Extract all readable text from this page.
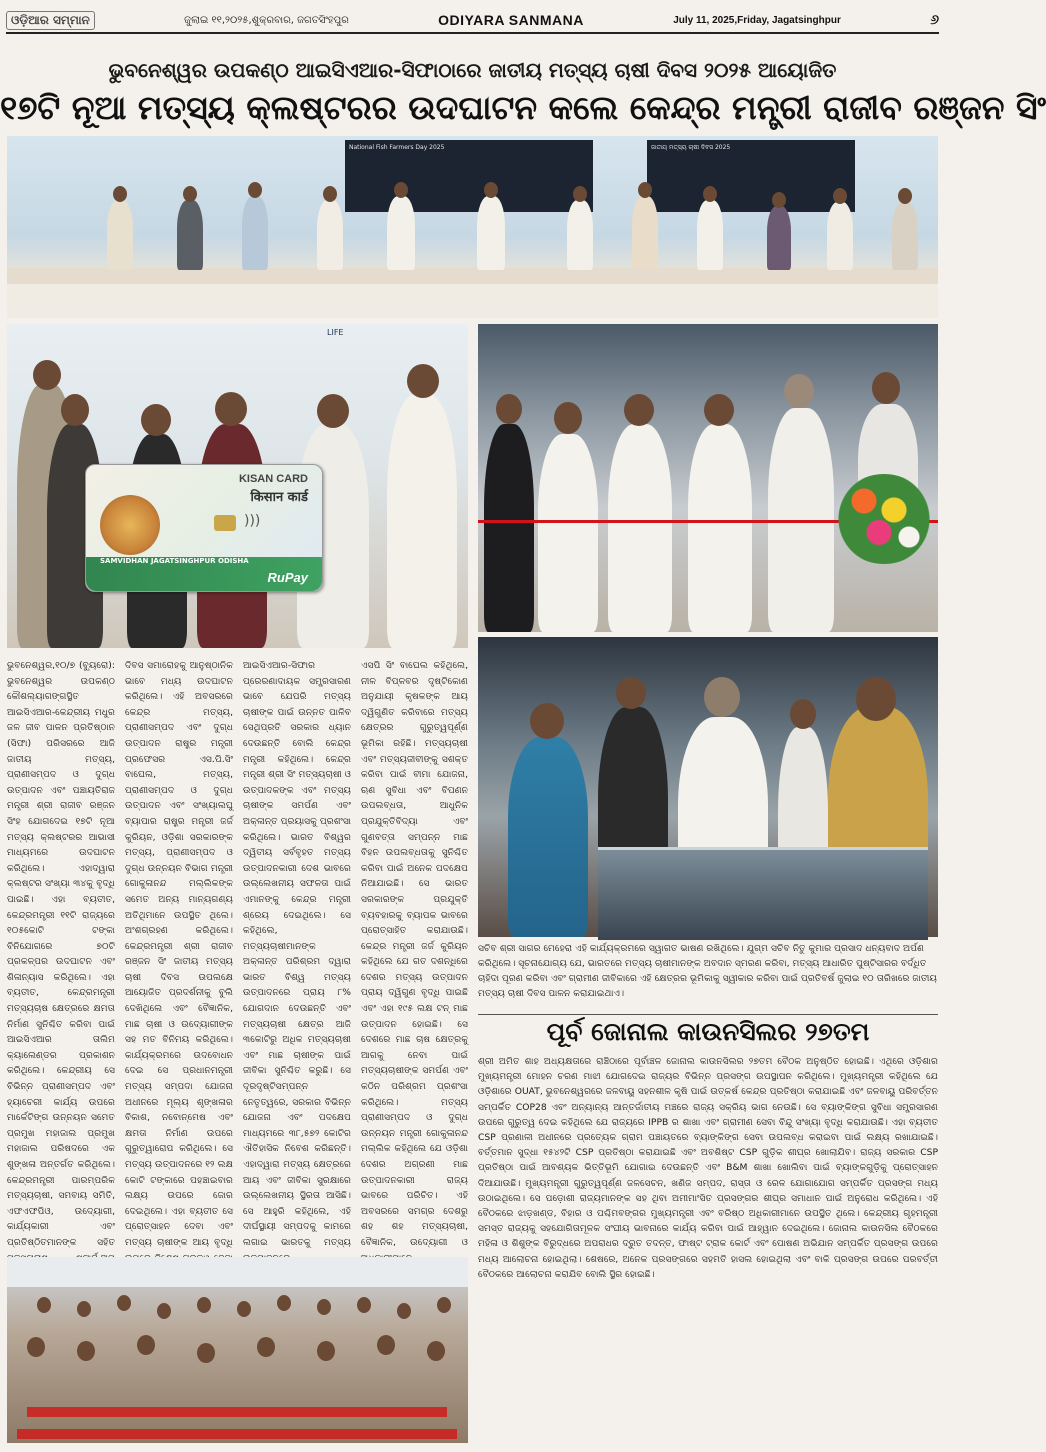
ଓଡ଼ିଆର ସମ୍ମାନ	ଜୁଲାଇ ୧୧,୨୦୨୫,ଶୁକ୍ରବାର, ଜଗତସିଂହପୁର	ODIYARA SANMANA	July 11, 2025,Friday, Jagatsinghpur	୬
ଭୁବନେଶ୍ୱର ଉପକଣ୍ଠ ଆଇସିଏଆର-ସିଫାଠାରେ ଜାତୀୟ ମତ୍ସ୍ୟ ଚାଷୀ ଦିବସ ୨୦୨୫ ଆୟୋଜିତ
୧୭ଟି ନୂଆ ମତ୍ସ୍ୟ କ୍ଲଷ୍ଟରର ଉଦଘାଟନ କଲେ କେନ୍ଦ୍ର ମନ୍ତ୍ରୀ ରାଜୀବ ରଞ୍ଜନ ସିଂ
National Fish Farmers Day 2025	ଜାତୀୟ ମତ୍ସ୍ୟ ଚାଷୀ ଦିବସ 2025
LIFE
)))
KISAN CARD
किसान कार्ड
SAMVIDHAN JAGATSINGHPUR ODISHA
RuPay
ଭୁବନେଶ୍ୱର,୧୦/୭ (ବ୍ୟୁରୋ): ଭୁବନେଶ୍ୱର ଉପକଣ୍ଠ କୌଶଲ୍ୟାଗଙ୍ଗସ୍ଥିତ ଆଇସିଏଆର-କେନ୍ଦ୍ରୀୟ ମଧୁର ଜଳ ଜୀବ ପାଳନ ପ୍ରତିଷ୍ଠାନ (ସିଫା) ପରିସରରେ ଆଜି ଜାତୀୟ ମତ୍ସ୍ୟ, ପ୍ରାଣୀସମ୍ପଦ ଓ ଦୁଗ୍ଧ ଉତ୍ପାଦନ ଏବଂ ପଞ୍ଚାୟତିରାଜ ମନ୍ତ୍ରୀ ଶ୍ରୀ ରାଜୀବ ରଞ୍ଜନ ସିଂହ ଯୋଗଦେଇ ୧୭ଟି ନୂଆ ମତ୍ସ୍ୟ କ୍ଲଷ୍ଟରର ଆଭାସୀ ମାଧ୍ୟମରେ ଉଦଘାଟନ କରିଥିଲେ। ଏହାଦ୍ୱାରା କ୍ଲଷ୍ଟର ସଂଖ୍ୟା ୩୪କୁ ବୃଦ୍ଧି ପାଇଛି। ଏହା ବ୍ୟତୀତ, କେନ୍ଦ୍ରମନ୍ତ୍ରୀ ୧୧ଟି ରାଜ୍ୟରେ ୧୦୫କୋଟି ଟଙ୍କା ବିନିଯୋଗରେ ୭୦ଟି ପ୍ରକଳ୍ପର ଉଦଘାଟନ ଏବଂ ଶିଳାନ୍ୟାସ କରିଥିଲେ। ଏହା ବ୍ୟତୀତ, କେନ୍ଦ୍ରମନ୍ତ୍ରୀ ମତ୍ସ୍ୟଚାଷ କ୍ଷେତ୍ରରେ କ୍ଷମତା ନିର୍ମାଣ ସୁନିଶ୍ଚିତ କରିବା ପାଇଁ ଆଇସିଏଆର ତାଲିମ କ୍ୟାଲେଣ୍ଡର ପ୍ରକାଶନ କରିଥିଲେ। କେନ୍ଦ୍ରୀୟ ସେ ବିଭିନ୍ନ ପ୍ରାଣୀସମ୍ପଦ ଏବଂ ହ୍ୟାଚେରୀ କାର୍ଯ୍ୟ ଉପରେ ମାର୍କେଟିଙ୍ଗ ଉନ୍ନୟନ ସମେତ ପ୍ରମୁଖ ମହାଜାଲ ପ୍ରମୁଖ ମହାଜାଲ ପରିଷଦରେ ଏକ ଶୁଙ୍ଖଳା ଅନ୍ତର୍ଗତ କରିଥିଲେ। କେନ୍ଦ୍ରମନ୍ତ୍ରୀ ପାରମ୍ପରିକ ମତ୍ସ୍ୟଚାଷୀ, ସମବାୟ ସମିତି, ଏଫଏଫପିଓ, ଉଦ୍ୟୋଗୀ, କାର୍ଯ୍ୟକାରୀ ଏବଂ ପ୍ରତିଷ୍ଠିତମାନଙ୍କ ସହିତ
ଦିବସ ସମାରୋହକୁ ଆନୁଷ୍ଠାନିକ ଭାବେ ମଧ୍ୟ ଉଦଘାଟନ କରିଥିଲେ। ଏହି ଅବସରରେ କେନ୍ଦ୍ର ମତ୍ସ୍ୟ, ପ୍ରାଣୀସମ୍ପଦ ଏବଂ ଦୁଗ୍ଧ ଉତ୍ପାଦନ ରାଷ୍ଟ୍ର ମନ୍ତ୍ରୀ ପ୍ରଫେସର ଏସ.ପି.ସିଂ ବାଘେଲ, ମତ୍ସ୍ୟ, ପ୍ରାଣୀସମ୍ପଦ ଓ ଦୁଗ୍ଧ ଉତ୍ପାଦନ ଏବଂ ସଂଖ୍ୟାଲଘୁ ବ୍ୟାପାର ରାଷ୍ଟ୍ର ମନ୍ତ୍ରୀ ଜର୍ଜ କୁରିୟନ, ଓଡ଼ିଶା ସରକାରଙ୍କ ମତ୍ସ୍ୟ, ପ୍ରାଣୀସମ୍ପଦ ଓ ଦୁଗ୍ଧ ଉନ୍ନୟନ ବିଭାଗ ମନ୍ତ୍ରୀ ଗୋକୁଳାନନ୍ଦ ମଲ୍ଲିକଙ୍କ ସମେତ ଅନ୍ୟ ମାନ୍ୟଗଣ୍ୟ ଅତିଥିମାନେ ଉପସ୍ଥିତ ଥିଲେ। ଅଂଶଗ୍ରହଣ କରିଥିଲେ। କେନ୍ଦ୍ରମନ୍ତ୍ରୀ ଶ୍ରୀ ରାଜୀବ ରଞ୍ଜନ ସିଂ ଜାତୀୟ ମତ୍ସ୍ୟ ଚାଷୀ ଦିବସ ଉପଲକ୍ଷେ ଆୟୋଜିତ ପ୍ରଦର୍ଶନୀକୁ ବୁଲି ଦେଖିଥିଲେ ଏବଂ ବୈଜ୍ଞାନିକ, ମାଛ ଚାଷୀ ଓ ଉଦ୍ୟୋଗୀଙ୍କ ସହ ମତ ବିନିମୟ କରିଥିଲେ। କାର୍ଯ୍ୟକ୍ରମରେ ଉଦବୋଧନ ଦେଇ ସେ ପ୍ରଧାନମନ୍ତ୍ରୀ ମତ୍ସ୍ୟ ସମ୍ପଦା ଯୋଜନା ଅଧୀନରେ ମୂଲ୍ୟ ଶୃଙ୍ଖଳାର ବିକାଶ, ନବୋନ୍ମେଷ ଏବଂ କ୍ଷମତା ନିର୍ମାଣ ଉପରେ ଗୁରୁତ୍ୱାରୋପ କରିଥିଲେ। ସେ ମତ୍ସ୍ୟ ଉତ୍ପାଦନରେ ୧୨ ଲକ୍ଷ କୋଟି ଟଙ୍କାରେ ପହଞ୍ଚାଇବାର ଲକ୍ଷ୍ୟ ଉପରେ ଜୋର ଦେଇଥିଲେ। ଏହା ବ୍ୟତୀତ ସେ ପ୍ରୋତ୍ସାହନ ଦେବା ଏବଂ ମତ୍ସ୍ୟ ଚାଷୀଙ୍କ ଆୟ ବୃଦ୍ଧି
ଆଇସିଏଆର-ସିଫାର ପ୍ରେରଣାଦାୟକ ସମ୍ପ୍ରସାରଣ ଭାବେ ଯେପରି ମତ୍ସ୍ୟ ଚାଷୀଙ୍କ ପାଇଁ ଉନ୍ନତ ପାଳିବ ସେଥିପ୍ରତି ସରକାର ଧ୍ୟାନ ଦେଉଛନ୍ତି ବୋଲି କେନ୍ଦ୍ର ମନ୍ତ୍ରୀ କହିଥିଲେ। କେନ୍ଦ୍ର ମନ୍ତ୍ରୀ ଶ୍ରୀ ସିଂ ମତ୍ସ୍ୟଚାଷୀ ଓ ଉତ୍ପାଦକଙ୍କ ଏବଂ ମତ୍ସ୍ୟ ଚାଷୀଙ୍କ ସମର୍ପଣ ଏବଂ ଅକ୍ଳାନ୍ତ ପ୍ରୟାସକୁ ପ୍ରଶଂସା କରିଥିଲେ। ଭାରତ ବିଶ୍ୱର ଦ୍ୱିତୀୟ ସର୍ବବୃହତ ମତ୍ସ୍ୟ ଉତ୍ପାଦନକାରୀ ଦେଶ ଭାବରେ ଉଲ୍ଲେଖନୀୟ ସଫଳତା ପାଇଁ ଏମାନଙ୍କୁ କେନ୍ଦ୍ର ମନ୍ତ୍ରୀ ଶ୍ରେୟ ଦେଇଥିଲେ। ସେ କହିଥିଲେ, ମତ୍ସ୍ୟଚାଷୀମାନଙ୍କ ଅକ୍ଳାନ୍ତ ପରିଶ୍ରମ ଦ୍ୱାରା ଭାରତ ବିଶ୍ୱ ମତ୍ସ୍ୟ ଉତ୍ପାଦନରେ ପ୍ରାୟ ୮% ଯୋଗଦାନ ଦେଉଛନ୍ତି ଏବଂ ମତ୍ସ୍ୟଚାଷୀ କ୍ଷେତ୍ର ଆଜି ୩କୋଟିରୁ ଅଧିକ ମତ୍ସ୍ୟଚାଷୀ ଏବଂ ମାଛ ଚାଷୀଙ୍କ ପାଇଁ ଜୀବିକା ସୁନିଶ୍ଚିତ କରୁଛି। ସେ ଦୂରଦୃଷ୍ଟିସମ୍ପନ୍ନ ନେତୃତ୍ୱରେ, ସରକାର ବିଭିନ୍ନ ଯୋଜନା ଏବଂ ପଦକ୍ଷେପ ମାଧ୍ୟମରେ ୩୮,୫୭୨ କୋଟିର ଐତିହାସିକ ନିବେଶ କରିଛନ୍ତି। ଏହାଦ୍ୱାରା ମତ୍ସ୍ୟ କ୍ଷେତ୍ରରେ ଆୟ ଏବଂ ଜୀବିକା ସୁରକ୍ଷାରେ ଉଲ୍ଲେଖନୀୟ ସ୍ଥିରତା ଆସିଛି। ସେ ଆହୁରି କହିଥିଲେ, ଏହି ଦୀର୍ଘସ୍ଥାୟୀ ସମ୍ପଦକୁ କାମରେ ଲଗାଇ ଭାରତକୁ ମତ୍ସ୍ୟ
ଏସପି ସିଂ ବାଘେଲ କହିଥିଲେ, ନୀଳ ବିପ୍ଳବର ଦୃଷ୍ଟିକୋଣ ଅନୁଯାୟୀ କୃଷକଙ୍କ ଆୟ ଦ୍ୱିଗୁଣିତ କରିବାରେ ମତ୍ସ୍ୟ କ୍ଷେତ୍ରର ଗୁରୁତ୍ୱପୂର୍ଣ୍ଣ ଭୂମିକା ରହିଛି। ମତ୍ସ୍ୟଚାଷୀ ଏବଂ ମତ୍ସ୍ୟଜୀବୀଙ୍କୁ ସଶକ୍ତ କରିବା ପାଇଁ ବୀମା ଯୋଜନା, ଋଣ ସୁବିଧା ଏବଂ ବିପଣନ ଉପଲବ୍ଧତା, ଆଧୁନିକ ପ୍ରଯୁକ୍ତିବିଦ୍ୟା ଏବଂ ଗୁଣବତ୍ତା ସମ୍ପନ୍ନ ମାଛ ବିହନ ଉପଲବ୍ଧତାକୁ ସୁନିଶ୍ଚିତ କରିବା ପାଇଁ ଅନେକ ପଦକ୍ଷେପ ନିଆଯାଇଛି। ସେ ଭାରତ ସରକାରଙ୍କ ପ୍ରଯୁକ୍ତି ବ୍ୟବହାରକୁ ବ୍ୟାପକ ଭାବରେ ପ୍ରୋତ୍ସାହିତ କରାଯାଉଛି। କେନ୍ଦ୍ର ମନ୍ତ୍ରୀ ଜର୍ଜ କୁରିୟନ କହିଥିଲେ ଯେ ଗତ ଦଶନ୍ଧିରେ ଦେଶର ମତ୍ସ୍ୟ ଉତ୍ପାଦନ ପ୍ରାୟ ଦ୍ୱିଗୁଣ ବୃଦ୍ଧି ପାଇଛି ଏବଂ ଏହା ୧୯୫ ଲକ୍ଷ ଟନ୍ ମାଛ ଉତ୍ପାଦନ ହୋଇଛି। ସେ ଦେଶରେ ମାଛ ଚାଷ କ୍ଷେତ୍ରକୁ ଆଗକୁ ନେବା ପାଇଁ ମତ୍ସ୍ୟଚାଷୀଙ୍କ ସମର୍ପଣ ଏବଂ କଠିନ ପରିଶ୍ରମ ପ୍ରଶଂସା କରିଥିଲେ। ମତ୍ସ୍ୟ ପ୍ରାଣୀସମ୍ପଦ ଓ ଦୁଗ୍ଧ ଉନ୍ନୟନ ମନ୍ତ୍ରୀ ଗୋକୁଳାନନ୍ଦ ମଲ୍ଲିକ କହିଥିଲେ ଯେ ଓଡ଼ିଶା ଦେଶର ଅଗ୍ରଣୀ ମାଛ ଉତ୍ପାଦନକାରୀ ରାଜ୍ୟ ଭାବରେ ପରିଚିତ। ଏହି ଅବସରରେ ସମଗ୍ର ଦେଶରୁ ଶହ ଶହ ମତ୍ସ୍ୟଚାଷୀ, ବୈଜ୍ଞାନିକ, ଉଦ୍ୟୋଗୀ ଓ
ସଚିବ ଶ୍ରୀ ସାଗର ମେହେରା ଏହି କାର୍ଯ୍ୟକ୍ରମରେ ସ୍ୱାଗତ ଭାଷଣ ରଖିଥିଲେ। ଯୁଗ୍ମ ସଚିବ ନିତୁ କୁମାର ପ୍ରସାଦ ଧନ୍ୟବାଦ ଅର୍ପଣ କରିଥିଲେ। ସୂଚନାଯୋଗ୍ୟ ଯେ, ଭାରତରେ ମତ୍ସ୍ୟ ଚାଷୀମାନଙ୍କ ଅବଦାନ ସ୍ମରଣ କରିବା, ମତ୍ସ୍ୟ ଆଧାରିତ ପୁଷ୍ଟିସାରର ବର୍ଦ୍ଧିତ ଚାହିଦା ପୂରଣ କରିବା ଏବଂ ଗ୍ରାମୀଣ ଜୀବିକାରେ ଏହି କ୍ଷେତ୍ରର ଭୂମିକାକୁ ସ୍ୱୀକାର କରିବା ପାଇଁ ପ୍ରତିବର୍ଷ ଜୁଲାଇ ୧୦ ତାରିଖରେ ଜାତୀୟ ମତ୍ସ୍ୟ ଚାଷୀ ଦିବସ ପାଳନ କରାଯାଇଥାଏ।
ପୂର୍ବ ଜୋନାଲ କାଉନସିଲର ୨୭ତମ
ଶ୍ରୀ ଅମିତ ଶାହ ଅଧ୍ୟକ୍ଷତାରେ ରାଞ୍ଚିଠାରେ ପୂର୍ବାଞ୍ଚଳ ଜୋନାଲ କାଉନସିଲର ୨୭ତମ ବୈଠକ ଅନୁଷ୍ଠିତ ହୋଇଛି। ଏଥିରେ ଓଡ଼ିଶାର ମୁଖ୍ୟମନ୍ତ୍ରୀ ମୋହନ ଚରଣ ମାଝୀ ଯୋଗଦେଇ ରାଜ୍ୟର ବିଭିନ୍ନ ପ୍ରସଙ୍ଗ ଉପସ୍ଥାପନ କରିଥିଲେ। ମୁଖ୍ୟମନ୍ତ୍ରୀ କହିଥିଲେ ଯେ ଓଡ଼ିଶାରେ OUAT, ଭୁବନେଶ୍ୱରରେ ଜଳବାୟୁ ସହନଶୀଳ କୃଷି ପାଇଁ ଉତ୍କର୍ଷ କେନ୍ଦ୍ର ପ୍ରତିଷ୍ଠା କରାଯାଇଛି ଏବଂ ଜଳବାୟୁ ପରିବର୍ତ୍ତନ ସମ୍ପର୍କିତ COP28 ଏବଂ ଅନ୍ୟାନ୍ୟ ଆନ୍ତର୍ଜାତୀୟ ମଞ୍ଚରେ ରାଜ୍ୟ ସକ୍ରିୟ ଭାଗ ନେଉଛି। ସେ ବ୍ୟାଙ୍କିଙ୍ଗ ସୁବିଧା ସମ୍ପ୍ରସାରଣ ଉପରେ ଗୁରୁତ୍ୱ ଦେଇ କହିଥିଲେ ଯେ ରାଜ୍ୟରେ IPPB ର ଶାଖା ଏବଂ ଗ୍ରାମୀଣ ସେବା ବିନ୍ଦୁ ସଂଖ୍ୟା ବୃଦ୍ଧି କରାଯାଉଛି। ଏହା ବ୍ୟତୀତ CSP ପ୍ରଣାଳୀ ଅଧୀନରେ ପ୍ରତ୍ୟେକ ଗ୍ରାମ ପଞ୍ଚାୟତରେ ବ୍ୟାଙ୍କିଙ୍ଗ ସେବା ଉପଲବ୍ଧ କରାଇବା ପାଇଁ ଲକ୍ଷ୍ୟ ରଖାଯାଇଛି। ବର୍ତ୍ତମାନ ସୁଦ୍ଧା ୧୫୪୨ଟି CSP ପ୍ରତିଷ୍ଠା କରାଯାଇଛି ଏବଂ ଅବଶିଷ୍ଟ CSP ଗୁଡ଼ିକ ଶୀଘ୍ର ଖୋଲାଯିବ। ରାଜ୍ୟ ସରକାର CSP ପ୍ରତିଷ୍ଠା ପାଇଁ ଆବଶ୍ୟକ ଭିତ୍ତିଭୂମି ଯୋଗାଇ ଦେଉଛନ୍ତି ଏବଂ B&M ଶାଖା ଖୋଲିବା ପାଇଁ ବ୍ୟାଙ୍କଗୁଡ଼ିକୁ ପ୍ରୋତ୍ସାହନ ଦିଆଯାଉଛି। ମୁଖ୍ୟମନ୍ତ୍ରୀ ଗୁରୁତ୍ୱପୂର୍ଣ୍ଣ ଜଳସେଚନ, ଖଣିଜ ସମ୍ପଦ, ରାସ୍ତା ଓ ରେଳ ଯୋଗାଯୋଗ ସମ୍ପର୍କିତ ପ୍ରସଙ୍ଗ ମଧ୍ୟ ଉଠାଇଥିଲେ। ସେ ପଡ଼ୋଶୀ ରାଜ୍ୟମାନଙ୍କ ସହ ଥିବା ଅମୀମାଂସିତ ପ୍ରସଙ୍ଗର ଶୀଘ୍ର ସମାଧାନ ପାଇଁ ଅନୁରୋଧ କରିଥିଲେ। ଏହି ବୈଠକରେ ଝାଡ଼ଖଣ୍ଡ, ବିହାର ଓ ପଶ୍ଚିମବଙ୍ଗର ମୁଖ୍ୟମନ୍ତ୍ରୀ ଏବଂ ବରିଷ୍ଠ ଅଧିକାରୀମାନେ ଉପସ୍ଥିତ ଥିଲେ। କେନ୍ଦ୍ରୀୟ ଗୃହମନ୍ତ୍ରୀ ସମସ୍ତ ରାଜ୍ୟକୁ ସହଯୋଗିତାମୂଳକ ସଂଘୀୟ ଭାବନାରେ କାର୍ଯ୍ୟ କରିବା ପାଇଁ ଆହ୍ୱାନ ଦେଇଥିଲେ। ଜୋନାଲ କାଉନସିଲ ବୈଠକରେ ମହିଳା ଓ ଶିଶୁଙ୍କ ବିରୁଦ୍ଧରେ ଅପରାଧର ଦ୍ରୁତ ତଦନ୍ତ, ଫାଷ୍ଟ ଟ୍ରାକ କୋର୍ଟ ଏବଂ ପୋଷଣ ଅଭିଯାନ ସମ୍ପର୍କିତ ପ୍ରସଙ୍ଗ ଉପରେ ମଧ୍ୟ ଆଲୋଚନା ହୋଇଥିଲା। ଶେଷରେ, ଅନେକ ପ୍ରସଙ୍ଗରେ ସହମତି ହାସଲ ହୋଇଥିଲା ଏବଂ ବାକି ପ୍ରସଙ୍ଗ ଉପରେ ପରବର୍ତ୍ତୀ ବୈଠକରେ ଆଲୋଚନା କରାଯିବ ବୋଲି ସ୍ଥିର ହୋଇଛି।
